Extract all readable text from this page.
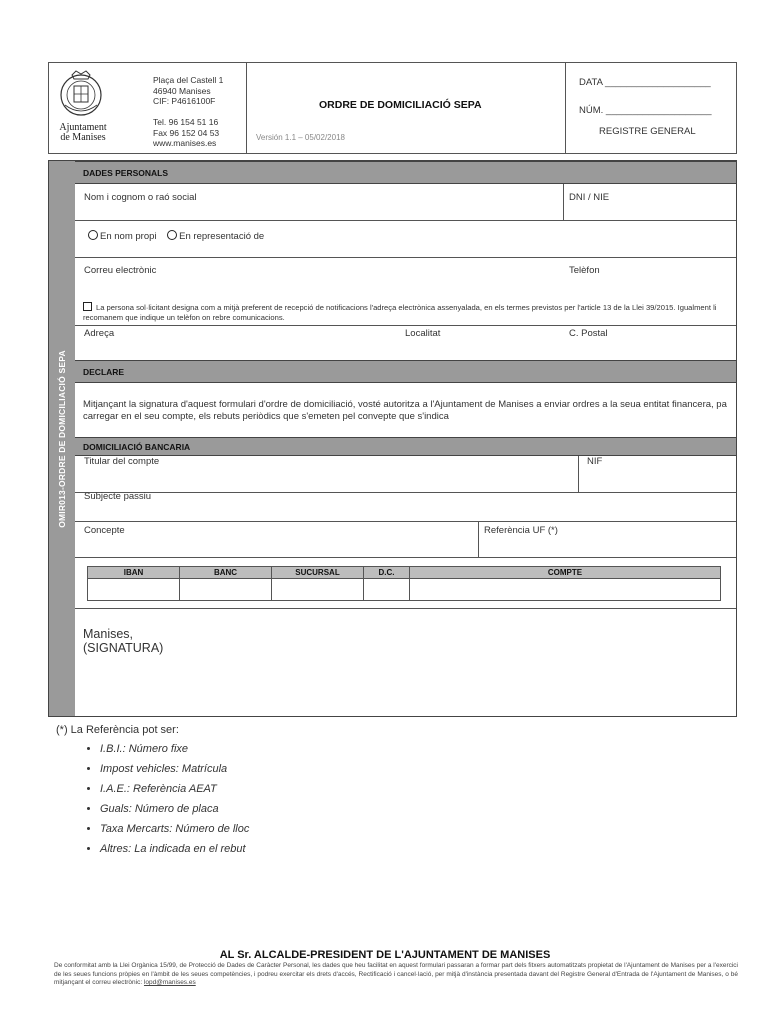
Ajuntament
de Manises
Plaça del Castell 1
46940 Manises
CIF: P4616100F
Tel. 96 154 51 16
Fax 96 152 04 53
www.manises.es
ORDRE DE DOMICILIACIÓ SEPA
Versión 1.1 – 05/02/2018
DATA ____________________
NÚM. ____________________
REGISTRE GENERAL
OMIR013-ORDRE DE DOMICILIACIÓ SEPA
DADES PERSONALS
Nom i cognom o raó social	DNI / NIE
En nom propi En representació de
Correu electrònic	Telèfon
La persona sol·licitant designa com a mitjà preferent de recepció de notificacions l'adreça electrònica assenyalada, en els termes previstos per l'article 13 de la Llei 39/2015. Igualment li recomanem que indique un telèfon on rebre comunicacions.
Adreça	Localitat	C. Postal
DECLARE
Mitjançant la signatura d'aquest formulari d'ordre de domiciliació, vosté autoritza a l'Ajuntament de Manises a enviar ordres a la seua entitat financera, pa carregar en el seu compte, els rebuts periòdics que s'emeten pel convepte que s'indica
DOMICILIACIÓ BANCARIA
Titular del compte	NIF
Subjecte passiu
Concepte	Referència UF (*)
Manises,
(SIGNATURA)
IBAN	BANC	SUCURSAL	D.C.	COMPTE

(*) La Referència pot ser:
• I.B.I.: Número fixe
• Impost vehicles: Matrícula
• I.A.E.: Referència AEAT
• Guals: Número de placa
• Taxa Mercarts: Número de lloc
• Altres: La indicada en el rebut
AL Sr. ALCALDE-PRESIDENT DE L'AJUNTAMENT DE MANISES
De conformitat amb la Llei Orgànica 15/99, de Protecció de Dades de Caràcter Personal, les dades que heu facilitat en aquest formulari passaran a formar part dels fitxers automatitzats propietat de l'Ajuntament de Manises per a l'exercici de les seues funcions pròpies en l'àmbit de les seues competències, i podreu exercitar els drets d'accés, Rectificació i cancel·lació, per mitjà d'instància presentada davant del Registre General d'Entrada de l'Ajuntament de Manises, o bé mitjançant el correu electrònic: lopd@manises.es
